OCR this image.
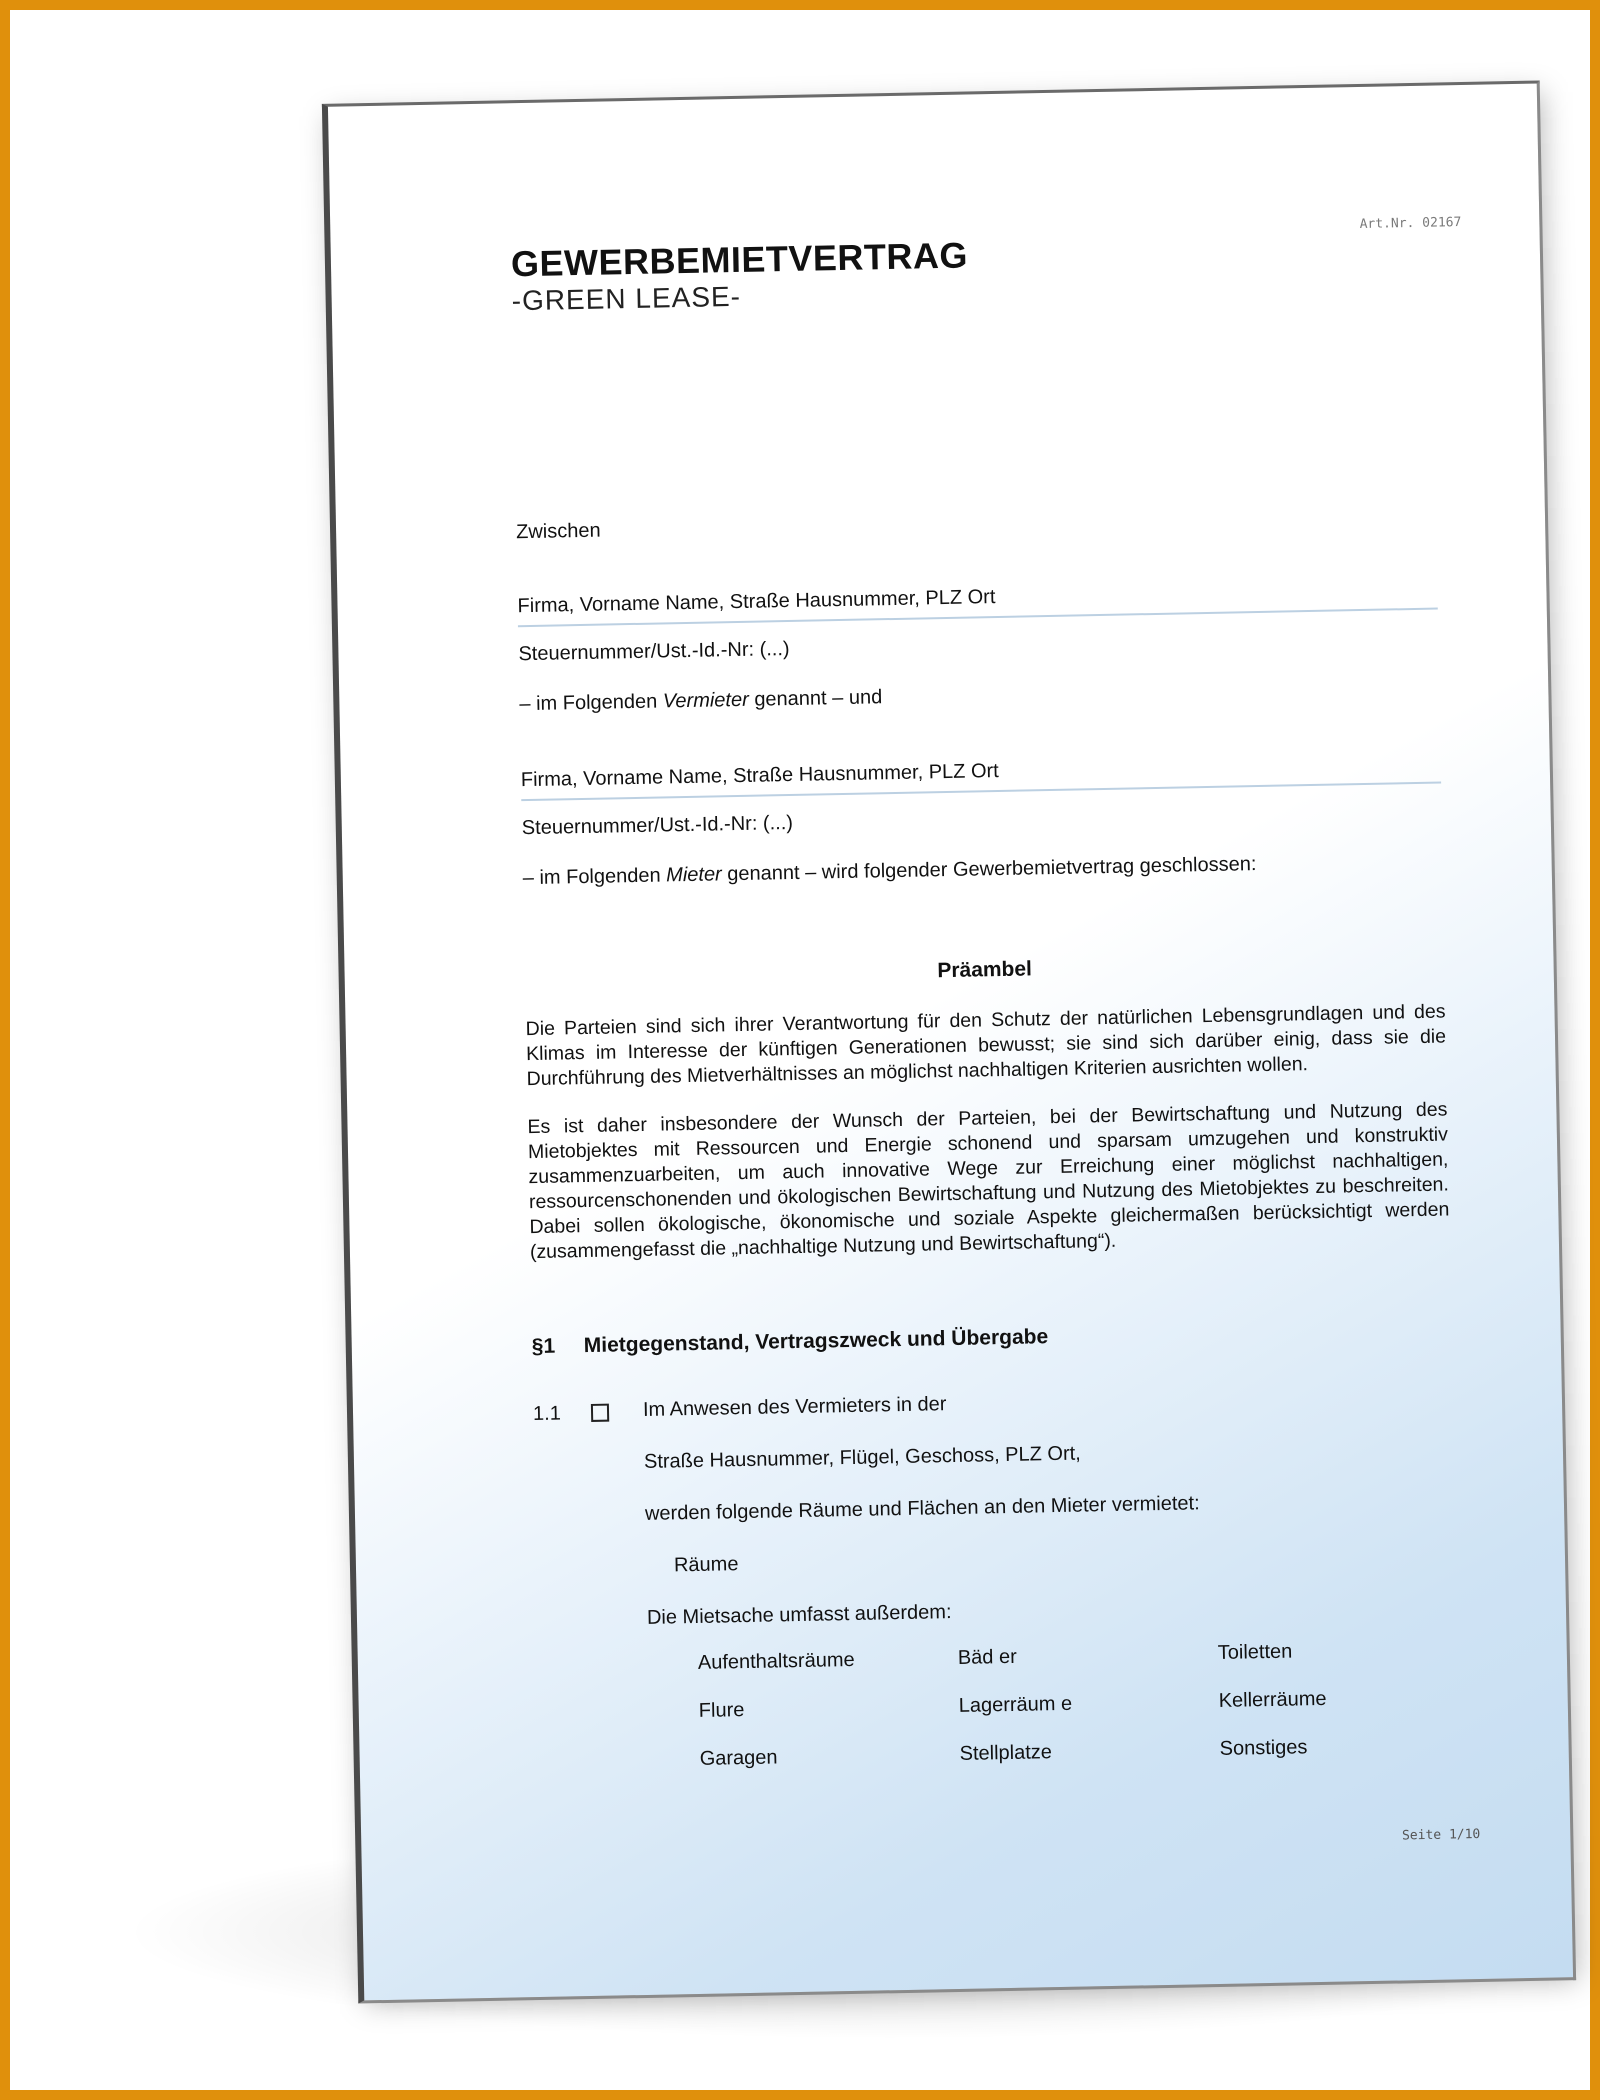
Art.Nr. 02167
GEWERBEMIETVERTRAG
-GREEN LEASE-
Zwischen
Firma, Vorname Name, Straße Hausnummer, PLZ Ort
Steuernummer/Ust.-Id.-Nr: (...)
– im Folgenden Vermieter genannt – und
Firma, Vorname Name, Straße Hausnummer, PLZ Ort
Steuernummer/Ust.-Id.-Nr: (...)
– im Folgenden Mieter genannt – wird folgender Gewerbemietvertrag geschlossen:
Präambel
Die Parteien sind sich ihrer Verantwortung für den Schutz der natürlichen Lebensgrundlagen und des Klimas im Interesse der künftigen Generationen bewusst; sie sind sich darüber einig, dass sie die Durchführung des Mietverhältnisses an möglichst nachhaltigen Kriterien ausrichten wollen.
Es ist daher insbesondere der Wunsch der Parteien, bei der Bewirtschaftung und Nutzung des Mietobjektes mit Ressourcen und Energie schonend und sparsam umzugehen und konstruktiv zusammenzuarbeiten, um auch innovative Wege zur Erreichung einer möglichst nachhaltigen, ressourcenschonenden und ökologischen Bewirtschaftung und Nutzung des Mietobjektes zu beschreiten. Dabei sollen ökologische, ökonomische und soziale Aspekte gleichermaßen berücksichtigt werden (zusammengefasst die „nachhaltige Nutzung und Bewirtschaftung“).
§1 Mietgegenstand, Vertragszweck und Übergabe
1.1	Im Anwesen des Vermieters in der
Straße Hausnummer, Flügel, Geschoss, PLZ Ort,
werden folgende Räume und Flächen an den Mieter vermietet:
Räume
Die Mietsache umfasst außerdem:
Aufenthaltsräume
Flure
Garagen
Bäd er
Lagerräum e
Stellplatze
Toiletten
Kellerräume
Sonstiges
Seite 1/10
